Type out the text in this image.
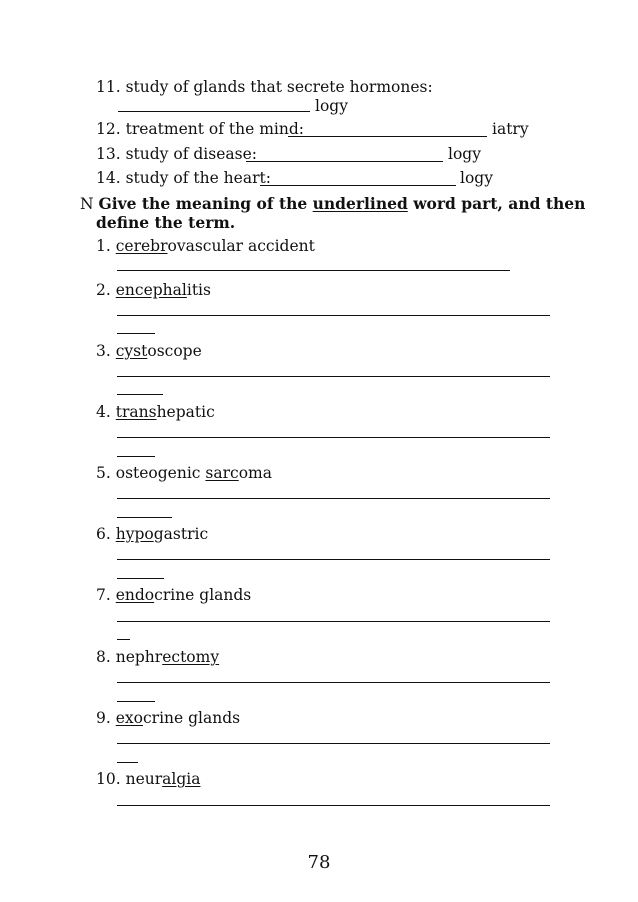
11. study of glands that secrete hormones:
logy
12. treatment of the mind:	iatry
13. study of disease:	logy
14. study of the heart:	logy
N Give the meaning of the underlined word part, and then
define the term.
1. cerebrovascular accident
2. encephalitis
3. cystoscope
4. transhepatic
5. osteogenic sarcoma
6. hypogastric
7. endocrine glands
8. nephrectomy
9. exocrine glands
10. neuralgia
78
